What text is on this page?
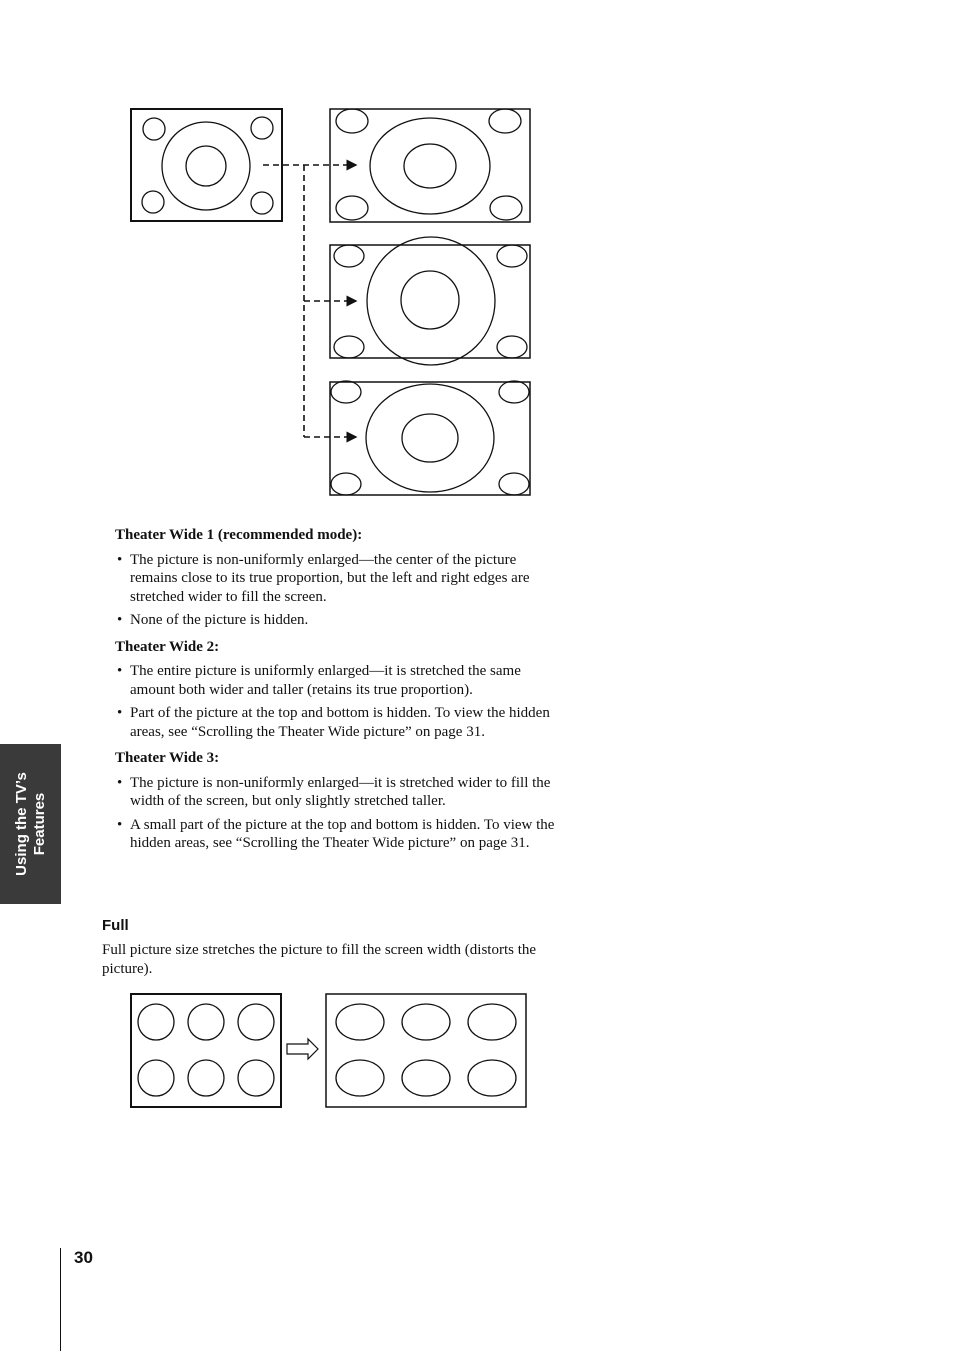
Theater Wide 1 (recommended mode):
• The picture is non-uniformly enlarged—the center of the picture remains close to its true proportion, but the left and right edges are stretched wider to fill the screen.
• None of the picture is hidden.
Theater Wide 2:
• The entire picture is uniformly enlarged—it is stretched the same amount both wider and taller (retains its true proportion).
• Part of the picture at the top and bottom is hidden. To view the hidden areas, see “Scrolling the Theater Wide picture” on page 31.
Theater Wide 3:
• The picture is non-uniformly enlarged—it is stretched wider to fill the width of the screen, but only slightly stretched taller.
• A small part of the picture at the top and bottom is hidden. To view the hidden areas, see “Scrolling the Theater Wide picture” on page 31.
Full
Full picture size stretches the picture to fill the screen width (distorts the picture).
Using the TV’s Features
30
